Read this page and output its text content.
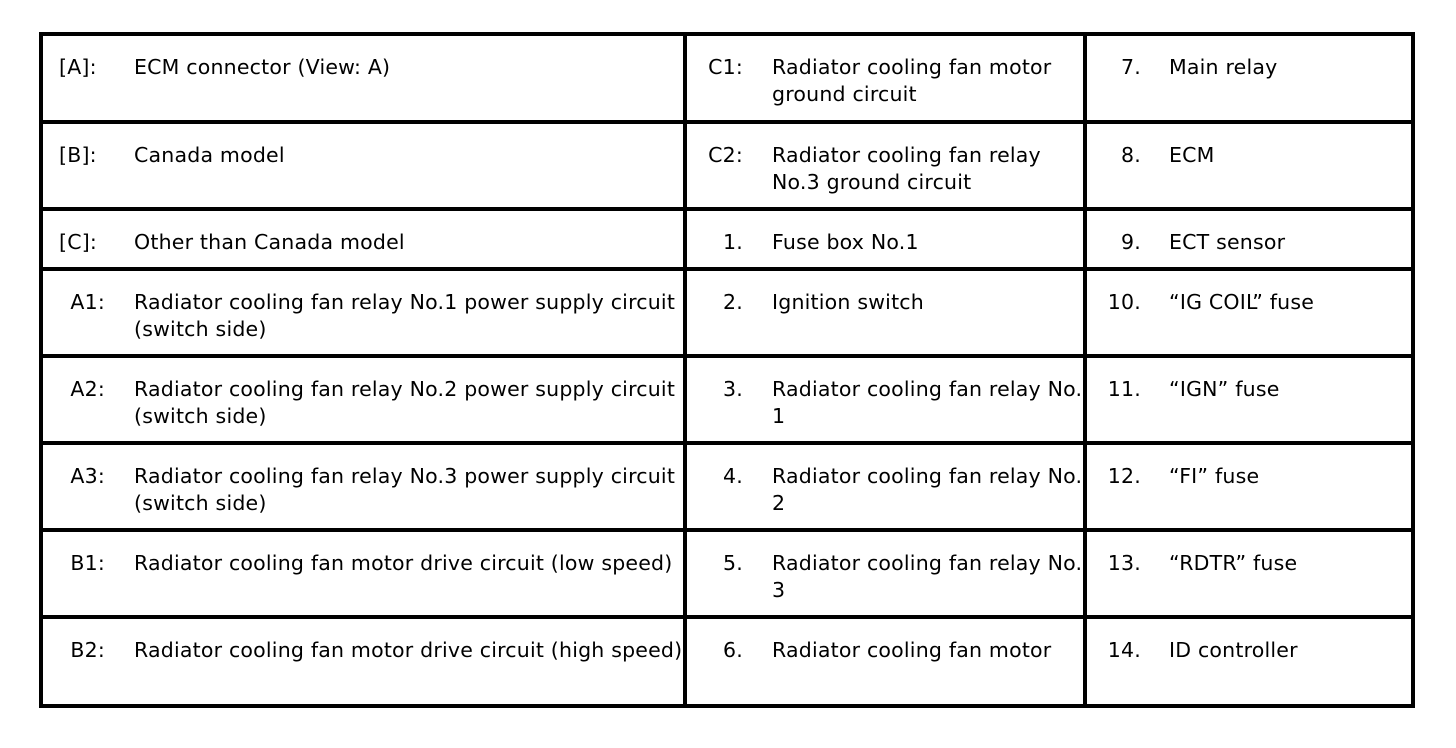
[A]: ECM connector (View: A)	C1: Radiator cooling fan motor ground circuit	7. Main relay

[B]: Canada model	C2: Radiator cooling fan relay No.3 ground circuit	8. ECM

[C]: Other than Canada model	1. Fuse box No.1	9. ECT sensor

A1: Radiator cooling fan relay No.1 power supply circuit (switch side)	2. Ignition switch	10. “IG COIL” fuse

A2: Radiator cooling fan relay No.2 power supply circuit (switch side)	3. Radiator cooling fan relay No. 1	11. “IGN” fuse

A3: Radiator cooling fan relay No.3 power supply circuit (switch side)	4. Radiator cooling fan relay No. 2	12. “FI” fuse

B1: Radiator cooling fan motor drive circuit (low speed)	5. Radiator cooling fan relay No. 3	13. “RDTR” fuse

B2: Radiator cooling fan motor drive circuit (high speed)	6. Radiator cooling fan motor	14. ID controller
